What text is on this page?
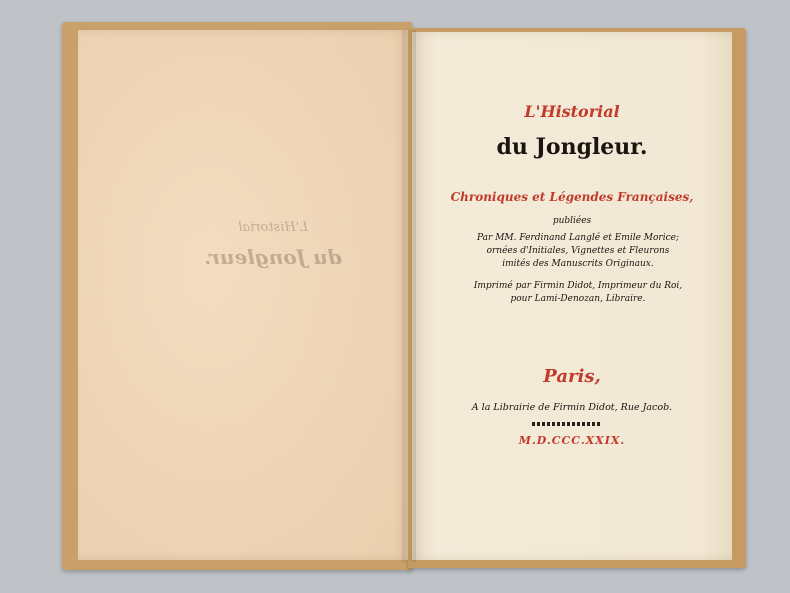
L'Historial
du Jongleur.
L'Historial
du Jongleur.
Chroniques et Légendes Françaises,
publiées
Par MM. Ferdinand Langlé et Emile Morice;
ornées d'Initiales, Vignettes et Fleurons
imités des Manuscrits Originaux.
Imprimé par Firmin Didot, Imprimeur du Roi,
pour Lami-Denozan, Libraire.
Paris,
A la Librairie de Firmin Didot, Rue Jacob.
M.D.CCC.XXIX.
